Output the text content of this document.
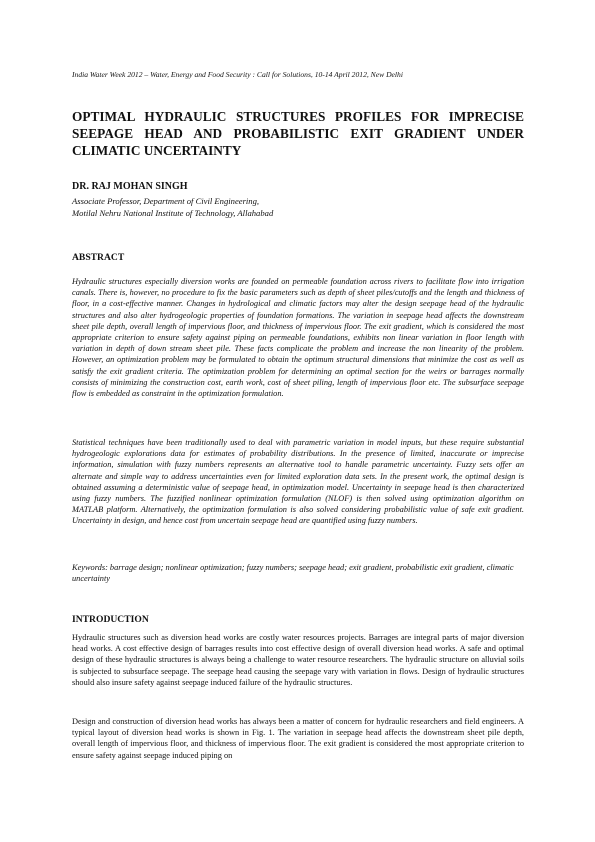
India Water Week 2012 – Water, Energy and Food Security : Call for Solutions, 10-14 April 2012, New Delhi
OPTIMAL HYDRAULIC STRUCTURES PROFILES FOR IMPRECISE SEEPAGE HEAD AND PROBABILISTIC EXIT GRADIENT UNDER CLIMATIC UNCERTAINTY
DR. RAJ MOHAN SINGH
Associate Professor, Department of Civil Engineering,
Motilal Nehru National Institute of Technology, Allahabad
ABSTRACT
Hydraulic structures especially diversion works are founded on permeable foundation across rivers to facilitate flow into irrigation canals. There is, however, no procedure to fix the basic parameters such as depth of sheet piles/cutoffs and the length and thickness of floor, in a cost-effective manner. Changes in hydrological and climatic factors may alter the design seepage head of the hydraulic structures and also alter hydrogeologic properties of foundation formations. The variation in seepage head affects the downstream sheet pile depth, overall length of impervious floor, and thickness of impervious floor. The exit gradient, which is considered the most appropriate criterion to ensure safety against piping on permeable foundations, exhibits non linear variation in floor length with variation in depth of down stream sheet pile. These facts complicate the problem and increase the non linearity of the problem. However, an optimization problem may be formulated to obtain the optimum structural dimensions that minimize the cost as well as satisfy the exit gradient criteria. The optimization problem for determining an optimal section for the weirs or barrages normally consists of minimizing the construction cost, earth work, cost of sheet piling, length of impervious floor etc. The subsurface seepage flow is embedded as constraint in the optimization formulation.
Statistical techniques have been traditionally used to deal with parametric variation in model inputs, but these require substantial hydrogeologic explorations data for estimates of probability distributions. In the presence of limited, inaccurate or imprecise information, simulation with fuzzy numbers represents an alternative tool to handle parametric uncertainty. Fuzzy sets offer an alternate and simple way to address uncertainties even for limited exploration data sets. In the present work, the optimal design is obtained assuming a deterministic value of seepage head, in optimization model. Uncertainty in seepage head is then characterized using fuzzy numbers. The fuzzified nonlinear optimization formulation (NLOF) is then solved using optimization algorithm on MATLAB platform. Alternatively, the optimization formulation is also solved considering probabilistic value of safe exit gradient. Uncertainty in design, and hence cost from uncertain seepage head are quantified using fuzzy numbers.
Keywords: barrage design; nonlinear optimization; fuzzy numbers; seepage head; exit gradient, probabilistic exit gradient, climatic uncertainty
INTRODUCTION
Hydraulic structures such as diversion head works are costly water resources projects. Barrages are integral parts of major diversion head works. A cost effective design of barrages results into cost effective design of overall diversion head works. A safe and optimal design of these hydraulic structures is always being a challenge to water resource researchers. The hydraulic structure on alluvial soils is subjected to subsurface seepage. The seepage head causing the seepage vary with variation in flows. Design of hydraulic structures should also insure safety against seepage induced failure of the hydraulic structures.
Design and construction of diversion head works has always been a matter of concern for hydraulic researchers and field engineers. A typical layout of diversion head works is shown in Fig. 1. The variation in seepage head affects the downstream sheet pile depth, overall length of impervious floor, and thickness of impervious floor. The exit gradient is considered the most appropriate criterion to ensure safety against seepage induced piping on
